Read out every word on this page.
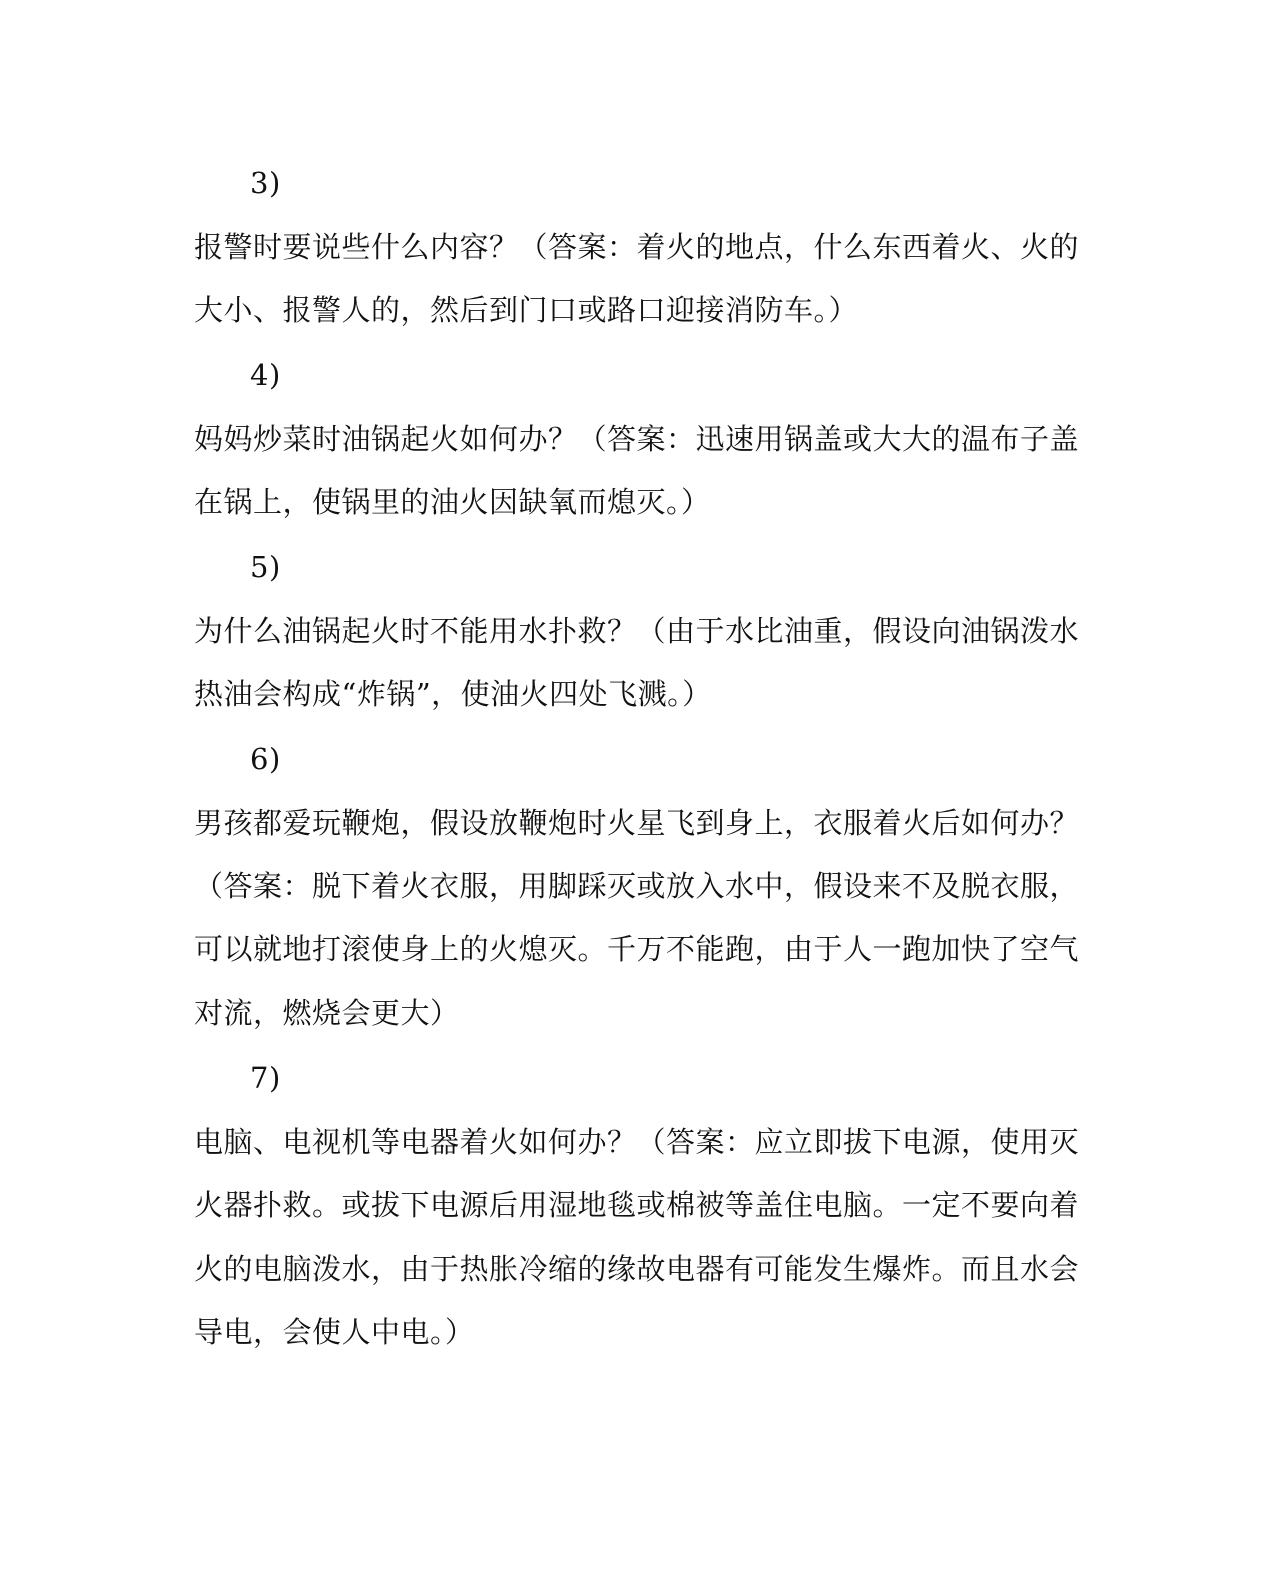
3)
报警时要说些什么内容？（答案：着火的地点，什么东西着火、火的
大小、报警人的，然后到门口或路口迎接消防车。）
4)
妈妈炒菜时油锅起火如何办？（答案：迅速用锅盖或大大的温布子盖
在锅上，使锅里的油火因缺氧而熄灭。）
5)
为什么油锅起火时不能用水扑救？（由于水比油重，假设向油锅泼水
热油会构成“炸锅”，使油火四处飞溅。）
6)
男孩都爱玩鞭炮，假设放鞭炮时火星飞到身上，衣服着火后如何办？
（答案：脱下着火衣服，用脚踩灭或放入水中，假设来不及脱衣服，
可以就地打滚使身上的火熄灭。千万不能跑，由于人一跑加快了空气
对流，燃烧会更大）
7)
电脑、电视机等电器着火如何办？（答案：应立即拔下电源，使用灭
火器扑救。或拔下电源后用湿地毯或棉被等盖住电脑。一定不要向着
火的电脑泼水，由于热胀冷缩的缘故电器有可能发生爆炸。而且水会
导电，会使人中电。）
